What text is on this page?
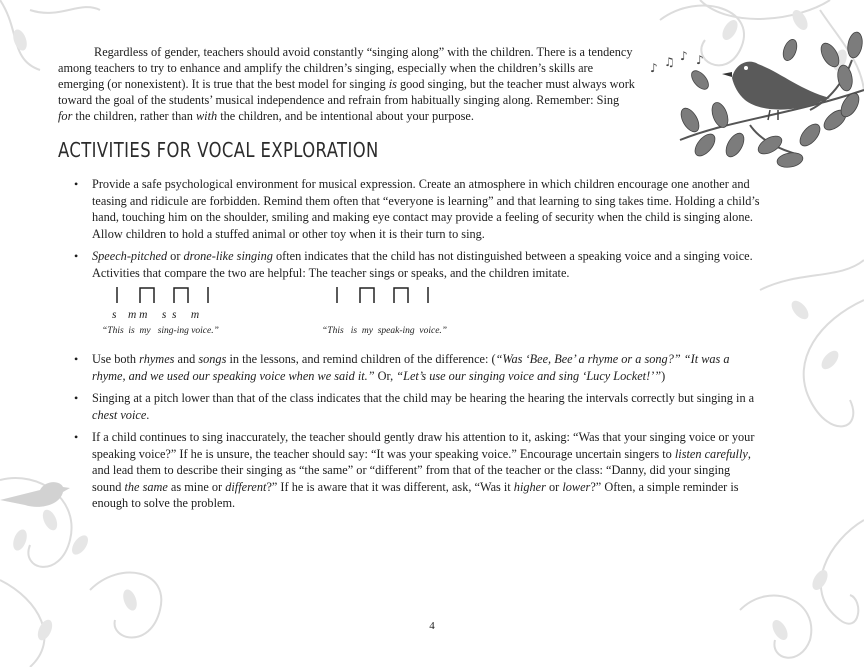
♪ ♫ ♪ ♪

Regardless of gender, teachers should avoid constantly “singing along” with the children. There is a tendency among teachers to try to enhance and amplify the children’s singing, especially when the children’s skills are emerging (or nonexistent). It is true that the best model for singing is good singing, but the teacher must always work toward the goal of the students’ musical independence and refrain from habitually singing along. Remember: Sing for the children, rather than with the children, and be intentional about your purpose.

ACTIVITIES FOR VOCAL EXPLORATION
• Provide a safe psychological environment for musical expression. Create an atmosphere in which children encourage one another and teasing and ridicule are forbidden. Remind them often that “everyone is learning” and that learning to sing takes time. Holding a child’s hand, touching him on the shoulder, smiling and making eye contact may provide a feeling of security when the child is singing alone. Allow children to hold a stuffed animal or other toy when it is their turn to sing.
• Speech-pitched or drone-like singing often indicates that the child has not distinguished between a speaking voice and a singing voice. Activities that compare the two are helpful: The teacher sings or speaks, and the children imitate.
s    m m     s  s     m
“This  is  my   sing-ing voice.”	“This   is  my  speak-ing  voice.”
• Use both rhymes and songs in the lessons, and remind children of the difference: (“Was ‘Bee, Bee’ a rhyme or a song?” “It was a rhyme, and we used our speaking voice when we said it.” Or, “Let’s use our singing voice and sing ‘Lucy Locket!’”)
• Singing at a pitch lower than that of the class indicates that the child may be hearing the hearing the intervals correctly but singing in a chest voice.
• If a child continues to sing inaccurately, the teacher should gently draw his attention to it, asking: “Was that your singing voice or your speaking voice?” If he is unsure, the teacher should say: “It was your speaking voice.” Encourage uncertain singers to listen carefully, and lead them to describe their singing as “the same” or “different” from that of the teacher or the class: “Danny, did your singing sound the same as mine or different?” If he is aware that it was different, ask, “Was it higher or lower?” Often, a simple reminder is enough to solve the problem.
4
